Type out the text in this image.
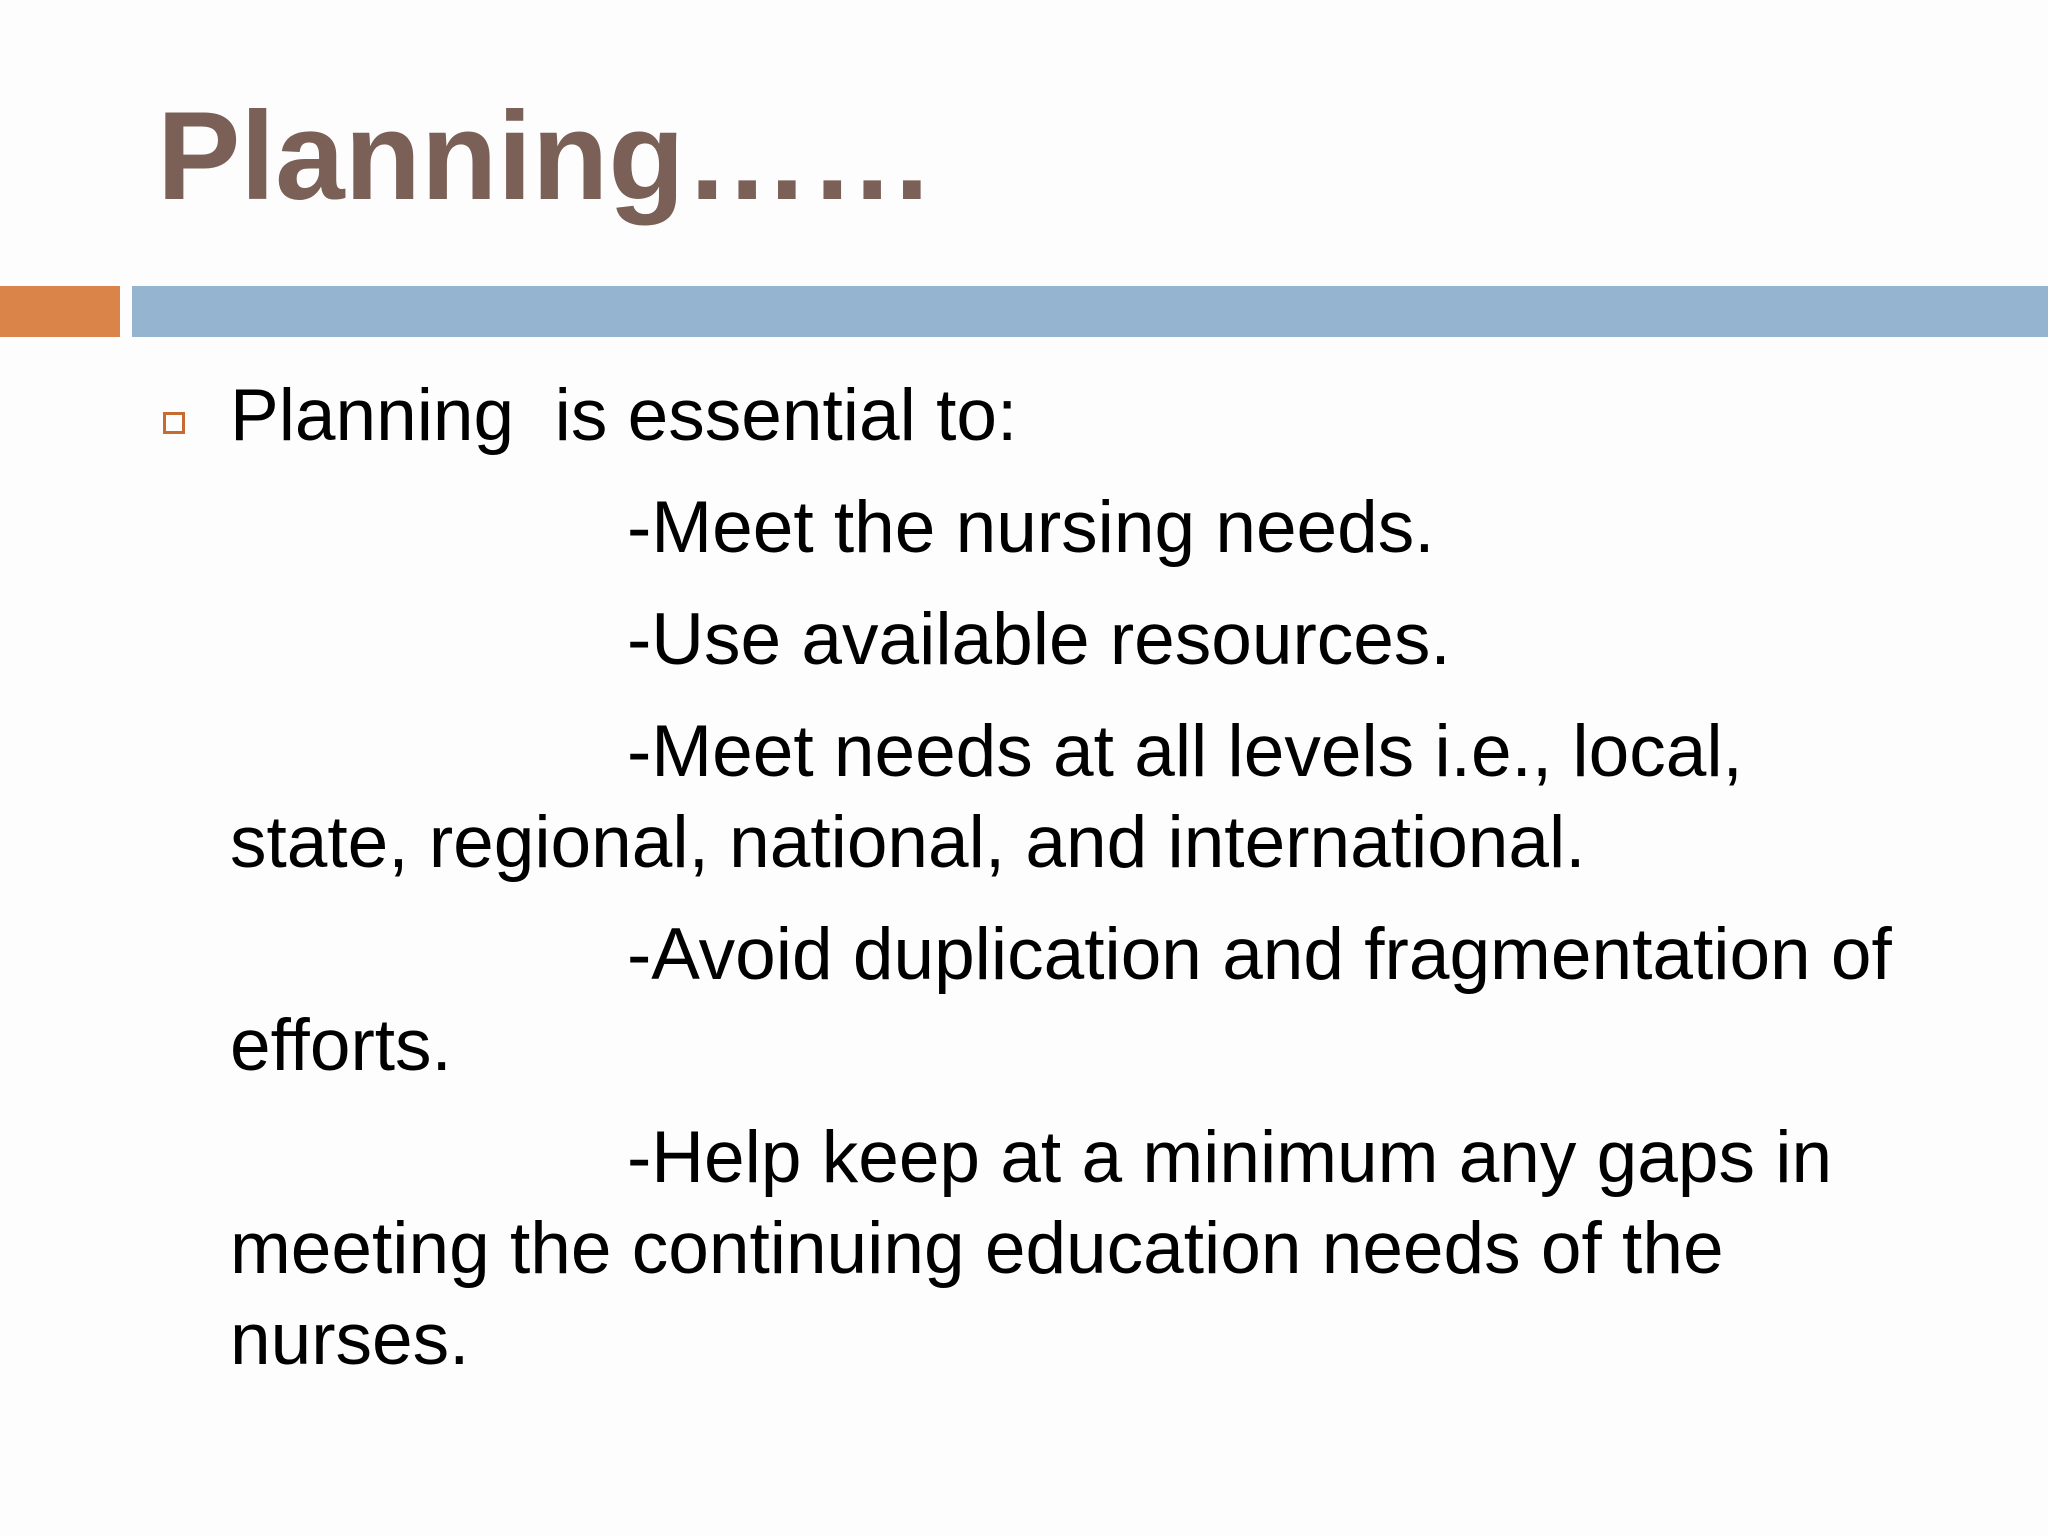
Planning……

Planning  is essential to:

-Meet the nursing needs.

-Use available resources.

-Meet needs at all levels i.e., local, state, regional, national, and international.

-Avoid duplication and fragmentation of efforts.

-Help keep at a minimum any gaps in meeting the continuing education needs of the nurses.
